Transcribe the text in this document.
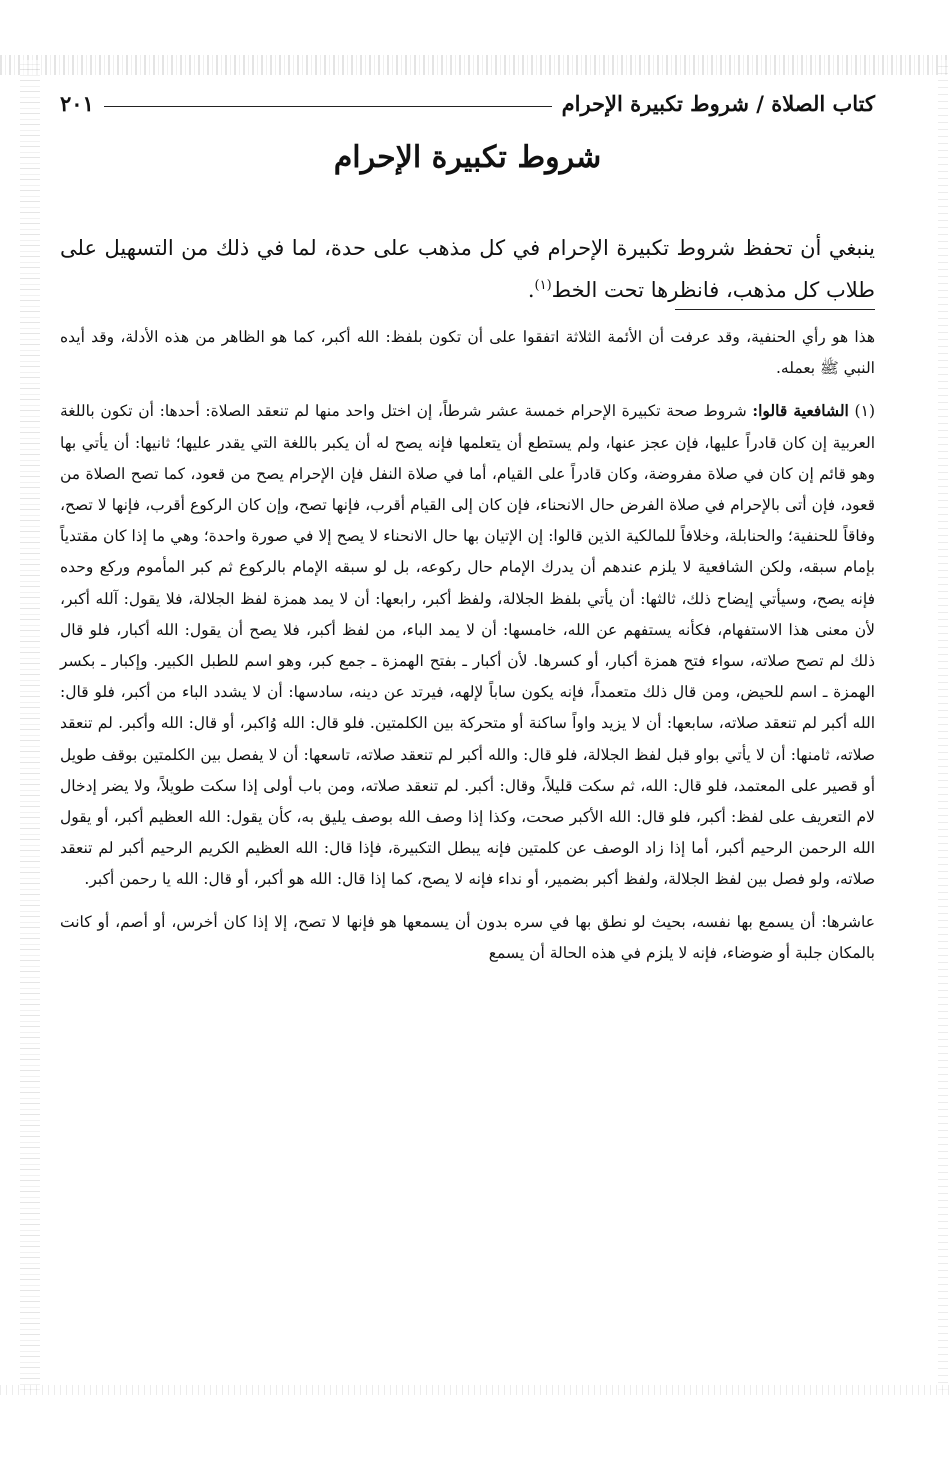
كتاب الصلاة / شروط تكبيرة الإحرام
٢٠١
شروط تكبيرة الإحرام

ينبغي أن تحفظ شروط تكبيرة الإحرام في كل مذهب على حدة، لما في ذلك من التسهيل على طلاب كل مذهب، فانظرها تحت الخط$^{(١)}$.

هذا هو رأي الحنفية، وقد عرفت أن الأئمة الثلاثة اتفقوا على أن تكون بلفظ: الله أكبر، كما هو الظاهر من هذه الأدلة، وقد أيده النبي ﷺ بعمله.

(١) الشافعية قالوا: شروط صحة تكبيرة الإحرام خمسة عشر شرطاً، إن اختل واحد منها لم تنعقد الصلاة: أحدها: أن تكون باللغة العربية إن كان قادراً عليها، فإن عجز عنها، ولم يستطع أن يتعلمها فإنه يصح له أن يكبر باللغة التي يقدر عليها؛ ثانيها: أن يأتي بها وهو قائم إن كان في صلاة مفروضة، وكان قادراً على القيام، أما في صلاة النفل فإن الإحرام يصح من قعود، كما تصح الصلاة من قعود، فإن أتى بالإحرام في صلاة الفرض حال الانحناء، فإن كان إلى القيام أقرب، فإنها تصح، وإن كان الركوع أقرب، فإنها لا تصح، وفاقاً للحنفية؛ والحنابلة، وخلافاً للمالكية الذين قالوا: إن الإتيان بها حال الانحناء لا يصح إلا في صورة واحدة؛ وهي ما إذا كان مقتدياً بإمام سبقه، ولكن الشافعية لا يلزم عندهم أن يدرك الإمام حال ركوعه، بل لو سبقه الإمام بالركوع ثم كبر المأموم وركع وحده فإنه يصح، وسيأتي إيضاح ذلك، ثالثها: أن يأتي بلفظ الجلالة، ولفظ أكبر، رابعها: أن لا يمد همزة لفظ الجلالة، فلا يقول: آلله أكبر، لأن معنى هذا الاستفهام، فكأنه يستفهم عن الله، خامسها: أن لا يمد الباء، من لفظ أكبر، فلا يصح أن يقول: الله أكبار، فلو قال ذلك لم تصح صلاته، سواء فتح همزة أكبار، أو كسرها. لأن أكبار ـ بفتح الهمزة ـ جمع كبر، وهو اسم للطبل الكبير. وإكبار ـ بكسر الهمزة ـ اسم للحيض، ومن قال ذلك متعمداً، فإنه يكون ساباً لإلهه، فيرتد عن دينه، سادسها: أن لا يشدد الباء من أكبر، فلو قال: الله أكبر لم تنعقد صلاته، سابعها: أن لا يزيد واواً ساكنة أو متحركة بين الكلمتين. فلو قال: الله وُاكبر، أو قال: الله وأكبر. لم تنعقد صلاته، ثامنها: أن لا يأتي بواو قبل لفظ الجلالة، فلو قال: والله أكبر لم تنعقد صلاته، تاسعها: أن لا يفصل بين الكلمتين بوقف طويل أو قصير على المعتمد، فلو قال: الله، ثم سكت قليلاً، وقال: أكبر. لم تنعقد صلاته، ومن باب أولى إذا سكت طويلاً، ولا يضر إدخال لام التعريف على لفظ: أكبر، فلو قال: الله الأكبر صحت، وكذا إذا وصف الله بوصف يليق به، كأن يقول: الله العظيم أكبر، أو يقول الله الرحمن الرحيم أكبر، أما إذا زاد الوصف عن كلمتين فإنه يبطل التكبيرة، فإذا قال: الله العظيم الكريم الرحيم أكبر لم تنعقد صلاته، ولو فصل بين لفظ الجلالة، ولفظ أكبر بضمير، أو نداء فإنه لا يصح، كما إذا قال: الله هو أكبر، أو قال: الله يا رحمن أكبر.

عاشرها: أن يسمع بها نفسه، بحيث لو نطق بها في سره بدون أن يسمعها هو فإنها لا تصح، إلا إذا كان أخرس، أو أصم، أو كانت بالمكان جلبة أو ضوضاء، فإنه لا يلزم في هذه الحالة أن يسمع
